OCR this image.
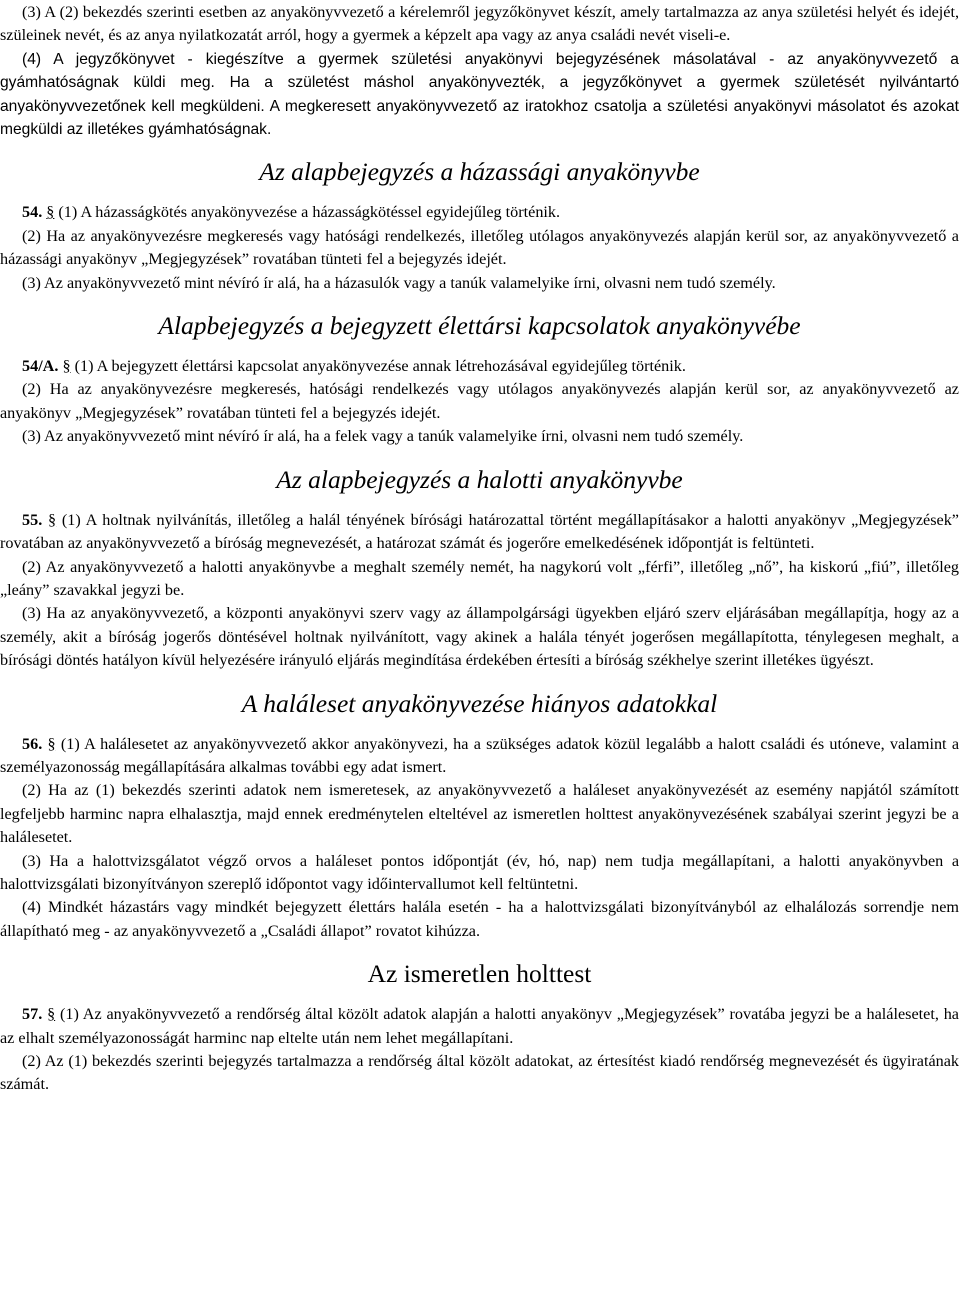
(3) A (2) bekezdés szerinti esetben az anyakönyvvezető a kérelemről jegyzőkönyvet készít, amely tartalmazza az anya születési helyét és idejét, szüleinek nevét, és az anya nyilatkozatát arról, hogy a gyermek a képzelt apa vagy az anya családi nevét viseli-e.

(4) A jegyzőkönyvet - kiegészítve a gyermek születési anyakönyvi bejegyzésének másolatával - az anyakönyvvezető a gyámhatóságnak küldi meg. Ha a születést máshol anyakönyvezték, a jegyzőkönyvet a gyermek születését nyilvántartó anyakönyvvezetőnek kell megküldeni. A megkeresett anyakönyvvezető az iratokhoz csatolja a születési anyakönyvi másolatot és azokat megküldi az illetékes gyámhatóságnak.

Az alapbejegyzés a házassági anyakönyvbe

54. § (1) A házasságkötés anyakönyvezése a házasságkötéssel egyidejűleg történik.

(2) Ha az anyakönyvezésre megkeresés vagy hatósági rendelkezés, illetőleg utólagos anyakönyvezés alapján kerül sor, az anyakönyvvezető a házassági anyakönyv „Megjegyzések” rovatában tünteti fel a bejegyzés idejét.

(3) Az anyakönyvvezető mint névíró ír alá, ha a házasulók vagy a tanúk valamelyike írni, olvasni nem tudó személy.

Alapbejegyzés a bejegyzett élettársi kapcsolatok anyakönyvébe

54/A. § (1) A bejegyzett élettársi kapcsolat anyakönyvezése annak létrehozásával egyidejűleg történik.

(2) Ha az anyakönyvezésre megkeresés, hatósági rendelkezés vagy utólagos anyakönyvezés alapján kerül sor, az anyakönyvvezető az anyakönyv „Megjegyzések” rovatában tünteti fel a bejegyzés idejét.

(3) Az anyakönyvvezető mint névíró ír alá, ha a felek vagy a tanúk valamelyike írni, olvasni nem tudó személy.

Az alapbejegyzés a halotti anyakönyvbe

55. § (1) A holtnak nyilvánítás, illetőleg a halál tényének bírósági határozattal történt megállapításakor a halotti anyakönyv „Megjegyzések” rovatában az anyakönyvvezető a bíróság megnevezését, a határozat számát és jogerőre emelkedésének időpontját is feltünteti.

(2) Az anyakönyvvezető a halotti anyakönyvbe a meghalt személy nemét, ha nagykorú volt „férfi”, illetőleg „nő”, ha kiskorú „fiú”, illetőleg „leány” szavakkal jegyzi be.

(3) Ha az anyakönyvvezető, a központi anyakönyvi szerv vagy az állampolgársági ügyekben eljáró szerv eljárásában megállapítja, hogy az a személy, akit a bíróság jogerős döntésével holtnak nyilvánított, vagy akinek a halála tényét jogerősen megállapította, ténylegesen meghalt, a bírósági döntés hatályon kívül helyezésére irányuló eljárás megindítása érdekében értesíti a bíróság székhelye szerint illetékes ügyészt.

A haláleset anyakönyvezése hiányos adatokkal

56. § (1) A halálesetet az anyakönyvvezető akkor anyakönyvezi, ha a szükséges adatok közül legalább a halott családi és utóneve, valamint a személyazonosság megállapítására alkalmas további egy adat ismert.

(2) Ha az (1) bekezdés szerinti adatok nem ismeretesek, az anyakönyvvezető a haláleset anyakönyvezését az esemény napjától számított legfeljebb harminc napra elhalasztja, majd ennek eredménytelen elteltével az ismeretlen holttest anyakönyvezésének szabályai szerint jegyzi be a halálesetet.

(3) Ha a halottvizsgálatot végző orvos a haláleset pontos időpontját (év, hó, nap) nem tudja megállapítani, a halotti anyakönyvben a halottvizsgálati bizonyítványon szereplő időpontot vagy időintervallumot kell feltüntetni.

(4) Mindkét házastárs vagy mindkét bejegyzett élettárs halála esetén - ha a halottvizsgálati bizonyítványból az elhalálozás sorrendje nem állapítható meg - az anyakönyvvezető a „Családi állapot” rovatot kihúzza.

Az ismeretlen holttest

57. § (1) Az anyakönyvvezető a rendőrség által közölt adatok alapján a halotti anyakönyv „Megjegyzések” rovatába jegyzi be a halálesetet, ha az elhalt személyazonosságát harminc nap eltelte után nem lehet megállapítani.

(2) Az (1) bekezdés szerinti bejegyzés tartalmazza a rendőrség által közölt adatokat, az értesítést kiadó rendőrség megnevezését és ügyiratának számát.
